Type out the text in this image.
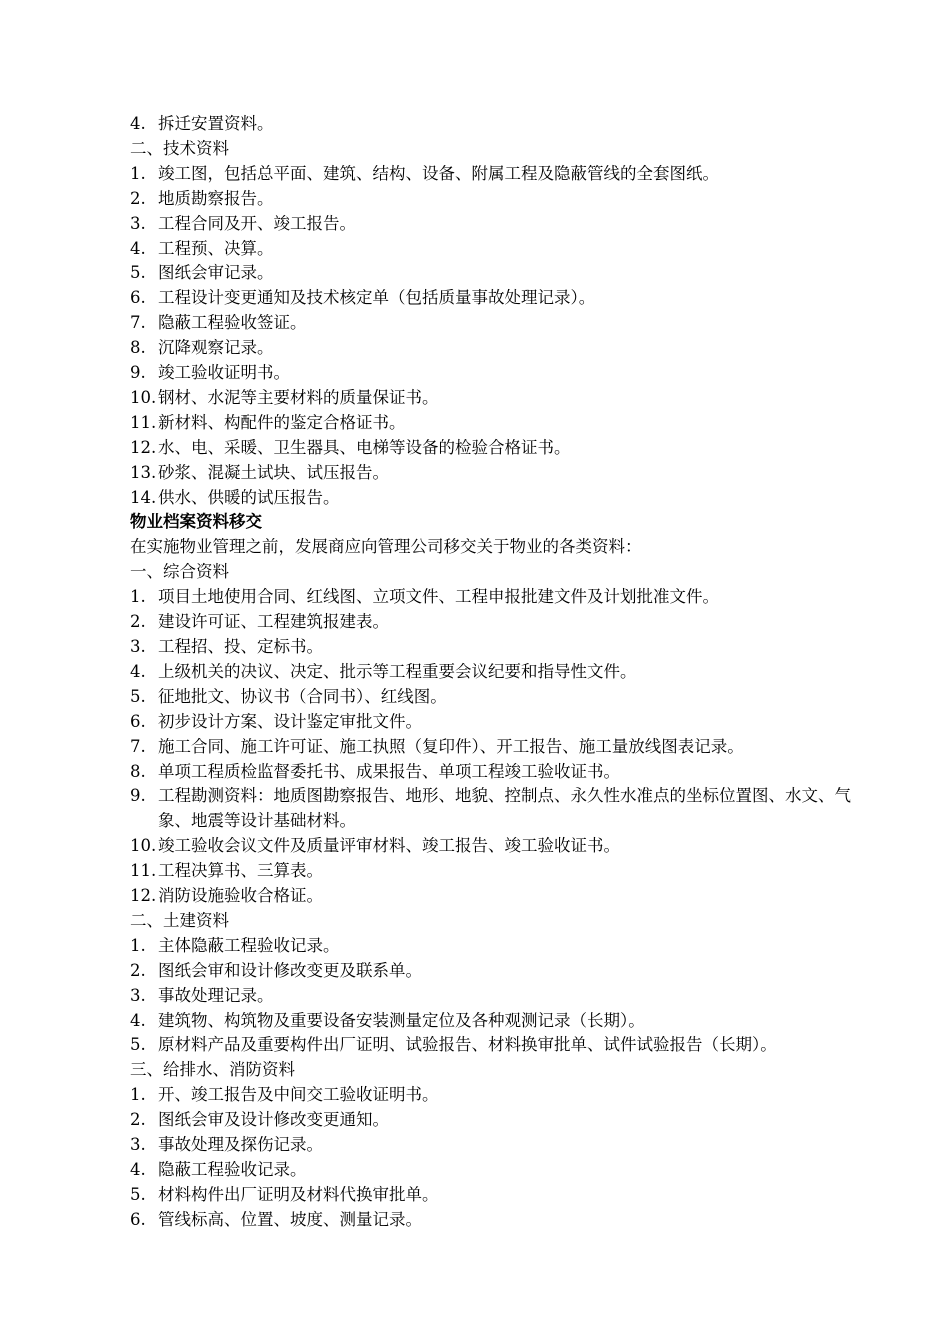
4. 拆迁安置资料。
二、技术资料
1. 竣工图，包括总平面、建筑、结构、设备、附属工程及隐蔽管线的全套图纸。
2. 地质勘察报告。
3. 工程合同及开、竣工报告。
4. 工程预、决算。
5. 图纸会审记录。
6. 工程设计变更通知及技术核定单（包括质量事故处理记录）。
7. 隐蔽工程验收签证。
8. 沉降观察记录。
9. 竣工验收证明书。
10. 钢材、水泥等主要材料的质量保证书。
11. 新材料、构配件的鉴定合格证书。
12. 水、电、采暖、卫生器具、电梯等设备的检验合格证书。
13. 砂浆、混凝土试块、试压报告。
14. 供水、供暖的试压报告。
物业档案资料移交
在实施物业管理之前，发展商应向管理公司移交关于物业的各类资料：
一、综合资料
1. 项目土地使用合同、红线图、立项文件、工程申报批建文件及计划批准文件。
2. 建设许可证、工程建筑报建表。
3. 工程招、投、定标书。
4. 上级机关的决议、决定、批示等工程重要会议纪要和指导性文件。
5. 征地批文、协议书（合同书）、红线图。
6. 初步设计方案、设计鉴定审批文件。
7. 施工合同、施工许可证、施工执照（复印件）、开工报告、施工量放线图表记录。
8. 单项工程质检监督委托书、成果报告、单项工程竣工验收证书。
9. 工程勘测资料：地质图勘察报告、地形、地貌、控制点、永久性水准点的坐标位置图、水文、气象、地震等设计基础材料。
10. 竣工验收会议文件及质量评审材料、竣工报告、竣工验收证书。
11. 工程决算书、三算表。
12. 消防设施验收合格证。
二、土建资料
1. 主体隐蔽工程验收记录。
2. 图纸会审和设计修改变更及联系单。
3. 事故处理记录。
4. 建筑物、构筑物及重要设备安装测量定位及各种观测记录（长期）。
5. 原材料产品及重要构件出厂证明、试验报告、材料换审批单、试件试验报告（长期）。
三、给排水、消防资料
1. 开、竣工报告及中间交工验收证明书。
2. 图纸会审及设计修改变更通知。
3. 事故处理及探伤记录。
4. 隐蔽工程验收记录。
5. 材料构件出厂证明及材料代换审批单。
6. 管线标高、位置、坡度、测量记录。
